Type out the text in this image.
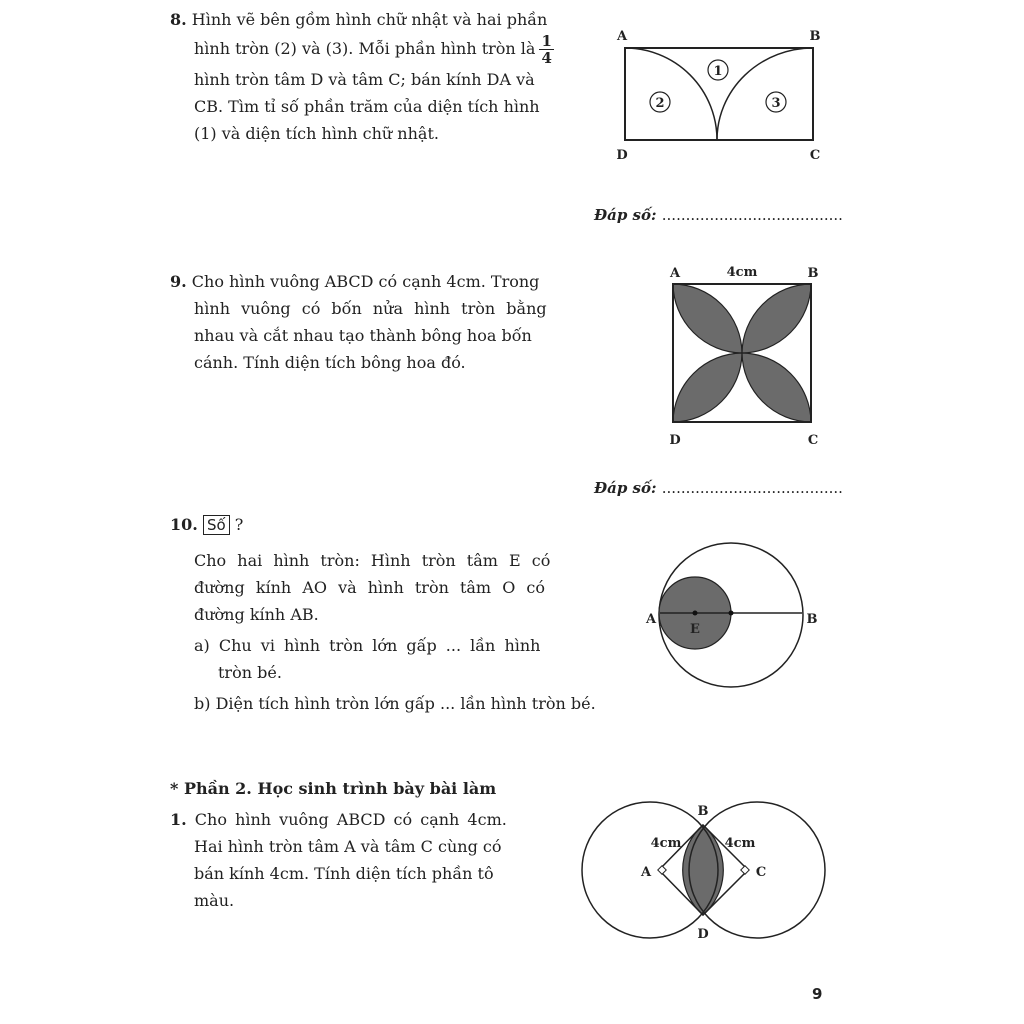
8. Hình vẽ bên gồm hình chữ nhật và hai phần
hình tròn (2) và (3). Mỗi phần hình tròn là $\frac{1}{4}$
hình tròn tâm D và tâm C; bán kính DA và
CB. Tìm tỉ số phần trăm của diện tích hình
(1) và diện tích hình chữ nhật.
1
2	3
A	B
C
D
Đáp số: ......................................
9. Cho hình vuông ABCD có cạnh 4cm. Trong
hình vuông có bốn nửa hình tròn bằng
nhau và cắt nhau tạo thành bông hoa bốn
cánh. Tính diện tích bông hoa đó.
A	4cm	B
C
D
Đáp số: ......................................
10. Số ?
Cho hai hình tròn: Hình tròn tâm E có
đường kính AO và hình tròn tâm O có
đường kính AB.
a) Chu vi hình tròn lớn gấp ... lần hình
tròn bé.
b) Diện tích hình tròn lớn gấp ... lần hình tròn bé.
A	B
E
* Phần 2. Học sinh trình bày bài làm
1. Cho hình vuông ABCD có cạnh 4cm.
Hai hình tròn tâm A và tâm C cùng có
bán kính 4cm. Tính diện tích phần tô
màu.
B
D
A	C
4cm	4cm
9
